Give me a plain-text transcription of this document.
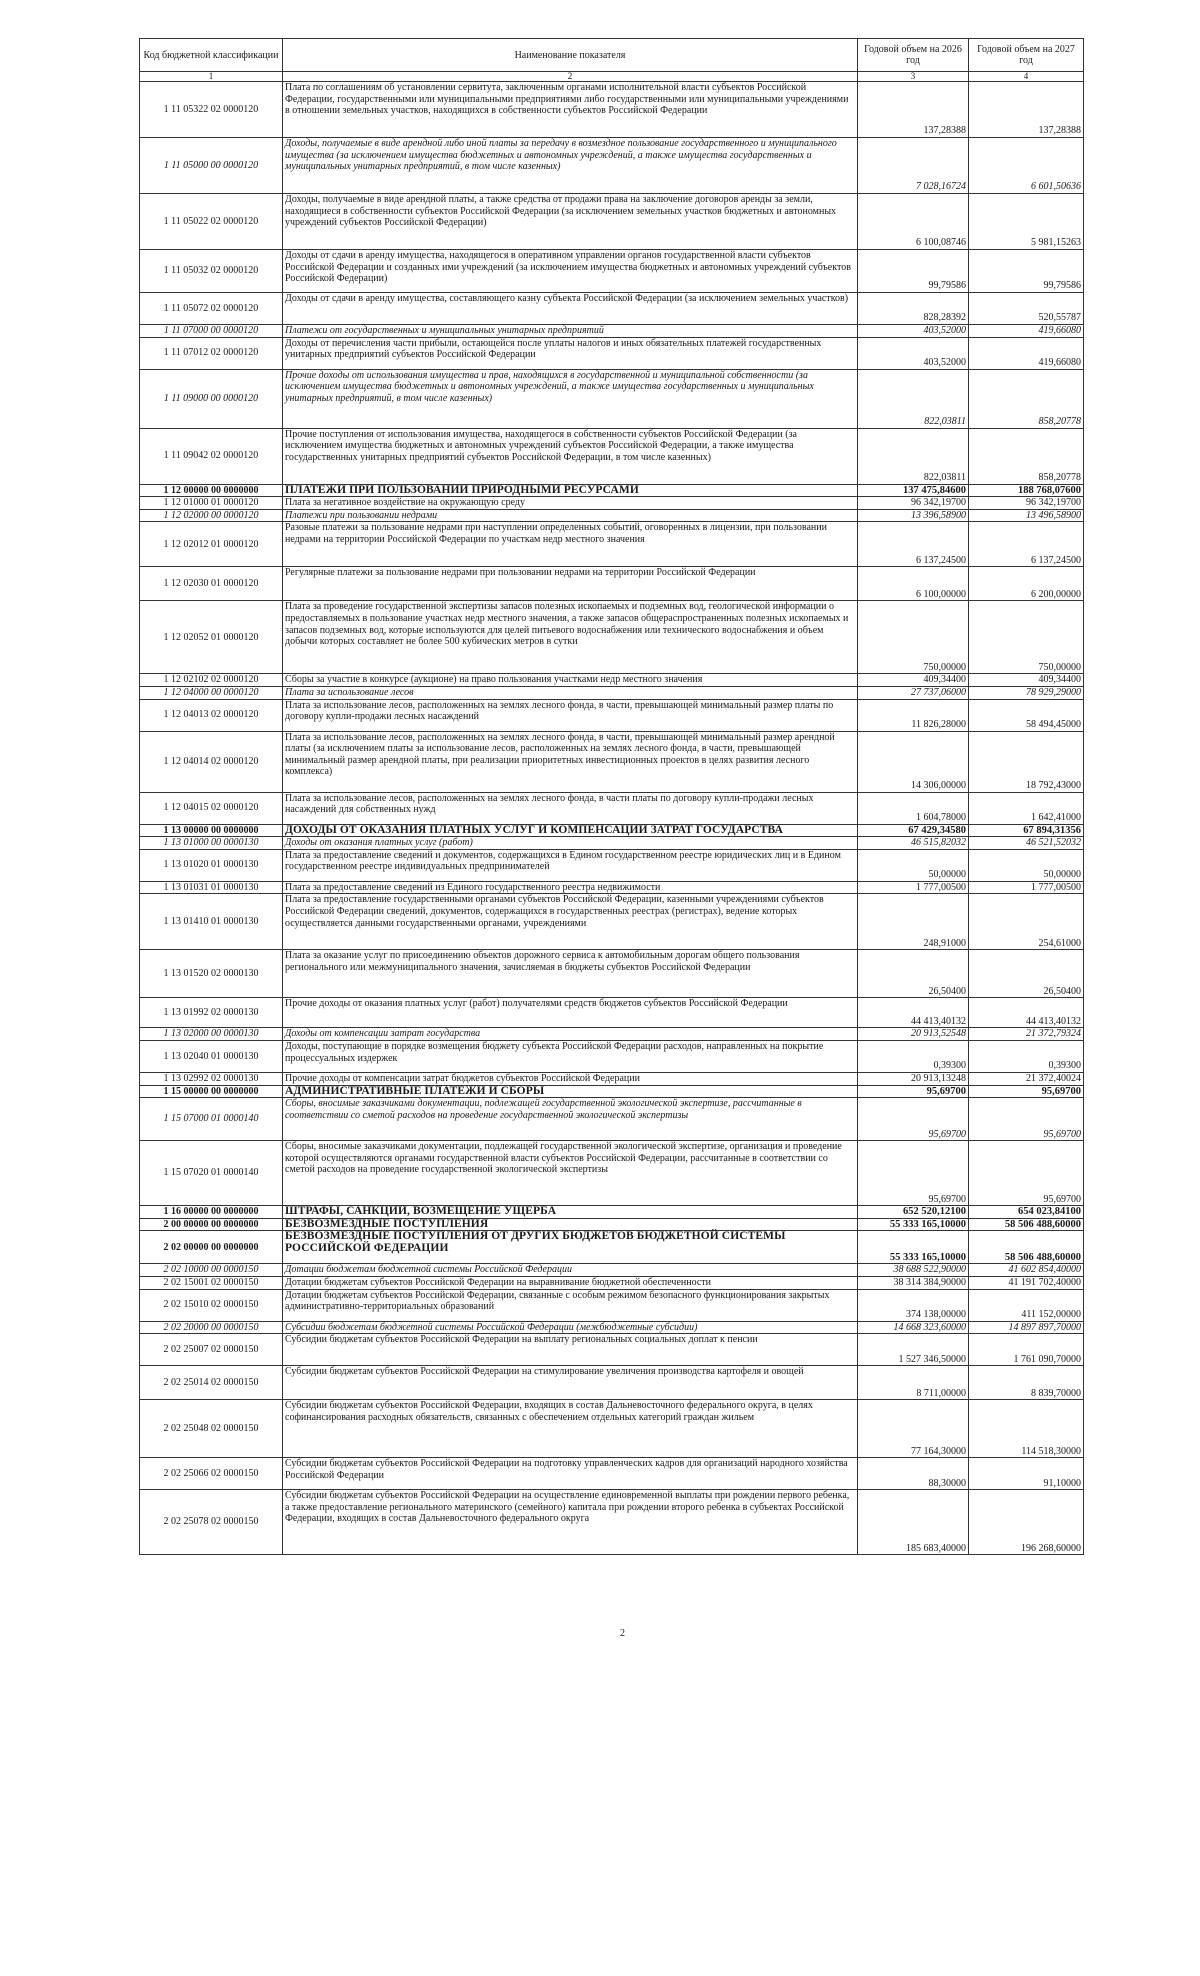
Код бюджетной классификации	Наименование показателя	Годовой объем на 2026 год	Годовой объем на 2027 год
1	2	3	4
1 11 05322 02 0000120	Плата по соглашениям об установлении сервитута, заключенным органами исполнительной власти субъектов Российской Федерации, государственными или муниципальными предприятиями либо государственными или муниципальными учреждениями в отношении земельных участков, находящихся в собственности субъектов Российской Федерации	137,28388	137,28388
1 11 05000 00 0000120	Доходы, получаемые в виде арендной либо иной платы за передачу в возмездное пользование государственного и муниципального имущества (за исключением имущества бюджетных и автономных учреждений, а также имущества государственных и муниципальных унитарных предприятий, в том числе казенных)	7 028,16724	6 601,50636
1 11 05022 02 0000120	Доходы, получаемые в виде арендной платы, а также средства от продажи права на заключение договоров аренды за земли, находящиеся в собственности субъектов Российской Федерации (за исключением земельных участков бюджетных и автономных учреждений субъектов Российской Федерации)	6 100,08746	5 981,15263
1 11 05032 02 0000120	Доходы от сдачи в аренду имущества, находящегося в оперативном управлении органов государственной власти субъектов Российской Федерации и созданных ими учреждений (за исключением имущества бюджетных и автономных учреждений субъектов Российской Федерации)	99,79586	99,79586
1 11 05072 02 0000120	Доходы от сдачи в аренду имущества, составляющего казну субъекта Российской Федерации (за исключением земельных участков)	828,28392	520,55787
1 11 07000 00 0000120	Платежи от государственных и муниципальных унитарных предприятий	403,52000	419,66080
1 11 07012 02 0000120	Доходы от перечисления части прибыли, остающейся после уплаты налогов и иных обязательных платежей государственных унитарных предприятий субъектов Российской Федерации	403,52000	419,66080
1 11 09000 00 0000120	Прочие доходы от использования имущества и прав, находящихся в государственной и муниципальной собственности (за исключением имущества бюджетных и автономных учреждений, а также имущества государственных и муниципальных унитарных предприятий, в том числе казенных)	822,03811	858,20778
1 11 09042 02 0000120	Прочие поступления от использования имущества, находящегося в собственности субъектов Российской Федерации (за исключением имущества бюджетных и автономных учреждений субъектов Российской Федерации, а также имущества государственных унитарных предприятий субъектов Российской Федерации, в том числе казенных)	822,03811	858,20778
1 12 00000 00 0000000	ПЛАТЕЖИ ПРИ ПОЛЬЗОВАНИИ ПРИРОДНЫМИ РЕСУРСАМИ	137 475,84600	188 768,07600
1 12 01000 01 0000120	Плата за негативное воздействие на окружающую среду	96 342,19700	96 342,19700
1 12 02000 00 0000120	Платежи при пользовании недрами	13 396,58900	13 496,58900
1 12 02012 01 0000120	Разовые платежи за пользование недрами при наступлении определенных событий, оговоренных в лицензии, при пользовании недрами на территории Российской Федерации по участкам недр местного значения	6 137,24500	6 137,24500
1 12 02030 01 0000120	Регулярные платежи за пользование недрами при пользовании недрами на территории Российской Федерации	6 100,00000	6 200,00000
1 12 02052 01 0000120	Плата за проведение государственной экспертизы запасов полезных ископаемых и подземных вод, геологической информации о предоставляемых в пользование участках недр местного значения, а также запасов общераспространенных полезных ископаемых и запасов подземных вод, которые используются для целей питьевого водоснабжения или технического водоснабжения и объем добычи которых составляет не более 500 кубических метров в сутки	750,00000	750,00000
1 12 02102 02 0000120	Сборы за участие в конкурсе (аукционе) на право пользования участками недр местного значения	409,34400	409,34400
1 12 04000 00 0000120	Плата за использование лесов	27 737,06000	78 929,29000
1 12 04013 02 0000120	Плата за использование лесов, расположенных на землях лесного фонда, в части, превышающей минимальный размер платы по договору купли-продажи лесных насаждений	11 826,28000	58 494,45000
1 12 04014 02 0000120	Плата за использование лесов, расположенных на землях лесного фонда, в части, превышающей минимальный размер арендной платы (за исключением платы за использование лесов, расположенных на землях лесного фонда, в части, превышающей минимальный размер арендной платы, при реализации приоритетных инвестиционных проектов в целях развития лесного комплекса)	14 306,00000	18 792,43000
1 12 04015 02 0000120	Плата за использование лесов, расположенных на землях лесного фонда, в части платы по договору купли-продажи лесных насаждений для собственных нужд	1 604,78000	1 642,41000
1 13 00000 00 0000000	ДОХОДЫ ОТ ОКАЗАНИЯ ПЛАТНЫХ УСЛУГ И КОМПЕНСАЦИИ ЗАТРАТ ГОСУДАРСТВА	67 429,34580	67 894,31356
1 13 01000 00 0000130	Доходы от оказания платных услуг (работ)	46 515,82032	46 521,52032
1 13 01020 01 0000130	Плата за предоставление сведений и документов, содержащихся в Едином государственном реестре юридических лиц и в Едином государственном реестре индивидуальных предпринимателей	50,00000	50,00000
1 13 01031 01 0000130	Плата за предоставление сведений из Единого государственного реестра недвижимости	1 777,00500	1 777,00500
1 13 01410 01 0000130	Плата за предоставление государственными органами субъектов Российской Федерации, казенными учреждениями субъектов Российской Федерации сведений, документов, содержащихся в государственных реестрах (регистрах), ведение которых осуществляется данными государственными органами, учреждениями	248,91000	254,61000
1 13 01520 02 0000130	Плата за оказание услуг по присоединению объектов дорожного сервиса к автомобильным дорогам общего пользования регионального или межмуниципального значения, зачисляемая в бюджеты субъектов Российской Федерации	26,50400	26,50400
1 13 01992 02 0000130	Прочие доходы от оказания платных услуг (работ) получателями средств бюджетов субъектов Российской Федерации	44 413,40132	44 413,40132
1 13 02000 00 0000130	Доходы от компенсации затрат государства	20 913,52548	21 372,79324
1 13 02040 01 0000130	Доходы, поступающие в порядке возмещения бюджету субъекта Российской Федерации расходов, направленных на покрытие процессуальных издержек	0,39300	0,39300
1 13 02992 02 0000130	Прочие доходы от компенсации затрат бюджетов субъектов Российской Федерации	20 913,13248	21 372,40024
1 15 00000 00 0000000	АДМИНИСТРАТИВНЫЕ ПЛАТЕЖИ И СБОРЫ	95,69700	95,69700
1 15 07000 01 0000140	Сборы, вносимые заказчиками документации, подлежащей государственной экологической экспертизе, рассчитанные в соответствии со сметой расходов на проведение государственной экологической экспертизы	95,69700	95,69700
1 15 07020 01 0000140	Сборы, вносимые заказчиками документации, подлежащей государственной экологической экспертизе, организация и проведение которой осуществляются органами государственной власти субъектов Российской Федерации, рассчитанные в соответствии со сметой расходов на проведение государственной экологической экспертизы	95,69700	95,69700
1 16 00000 00 0000000	ШТРАФЫ, САНКЦИИ, ВОЗМЕЩЕНИЕ УЩЕРБА	652 520,12100	654 023,84100
2 00 00000 00 0000000	БЕЗВОЗМЕЗДНЫЕ ПОСТУПЛЕНИЯ	55 333 165,10000	58 506 488,60000
2 02 00000 00 0000000	БЕЗВОЗМЕЗДНЫЕ ПОСТУПЛЕНИЯ ОТ ДРУГИХ БЮДЖЕТОВ БЮДЖЕТНОЙ СИСТЕМЫ РОССИЙСКОЙ ФЕДЕРАЦИИ	55 333 165,10000	58 506 488,60000
2 02 10000 00 0000150	Дотации бюджетам бюджетной системы Российской Федерации	38 688 522,90000	41 602 854,40000
2 02 15001 02 0000150	Дотации бюджетам субъектов Российской Федерации на выравнивание бюджетной обеспеченности	38 314 384,90000	41 191 702,40000
2 02 15010 02 0000150	Дотации бюджетам субъектов Российской Федерации, связанные с особым режимом безопасного функционирования закрытых административно-территориальных образований	374 138,00000	411 152,00000
2 02 20000 00 0000150	Субсидии бюджетам бюджетной системы Российской Федерации (межбюджетные субсидии)	14 668 323,60000	14 897 897,70000
2 02 25007 02 0000150	Субсидии бюджетам субъектов Российской Федерации на выплату региональных социальных доплат к пенсии	1 527 346,50000	1 761 090,70000
2 02 25014 02 0000150	Субсидии бюджетам субъектов Российской Федерации на стимулирование увеличения производства картофеля и овощей	8 711,00000	8 839,70000
2 02 25048 02 0000150	Субсидии бюджетам субъектов Российской Федерации, входящих в состав Дальневосточного федерального округа, в целях софинансирования расходных обязательств, связанных с обеспечением отдельных категорий граждан жильем	77 164,30000	114 518,30000
2 02 25066 02 0000150	Субсидии бюджетам субъектов Российской Федерации на подготовку управленческих кадров для организаций народного хозяйства Российской Федерации	88,30000	91,10000
2 02 25078 02 0000150	Субсидии бюджетам субъектов Российской Федерации на осуществление единовременной выплаты при рождении первого ребенка, а также предоставление регионального материнского (семейного) капитала при рождении второго ребенка в субъектах Российской Федерации, входящих в состав Дальневосточного федерального округа	185 683,40000	196 268,60000
2
